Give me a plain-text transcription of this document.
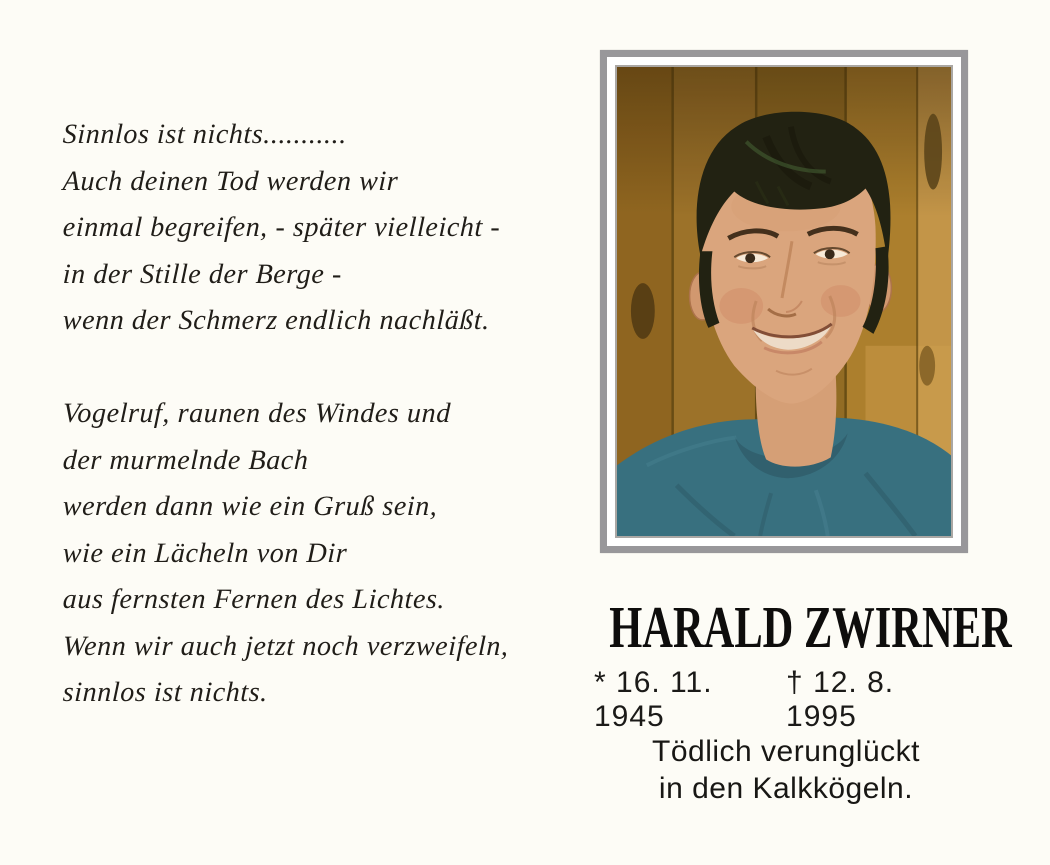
Sinnlos ist nichts...........
Auch deinen Tod werden wir
einmal begreifen, - später vielleicht -
in der Stille der Berge -
wenn der Schmerz endlich nachläßt.
Vogelruf, raunen des Windes und
der murmelnde Bach
werden dann wie ein Gruß sein,
wie ein Lächeln von Dir
aus fernsten Fernen des Lichtes.
Wenn wir auch jetzt noch verzweifeln,
sinnlos ist nichts.
HARALD ZWIRNER
* 16. 11. 1945
† 12. 8. 1995
Tödlich verunglückt
in den Kalkkögeln.
